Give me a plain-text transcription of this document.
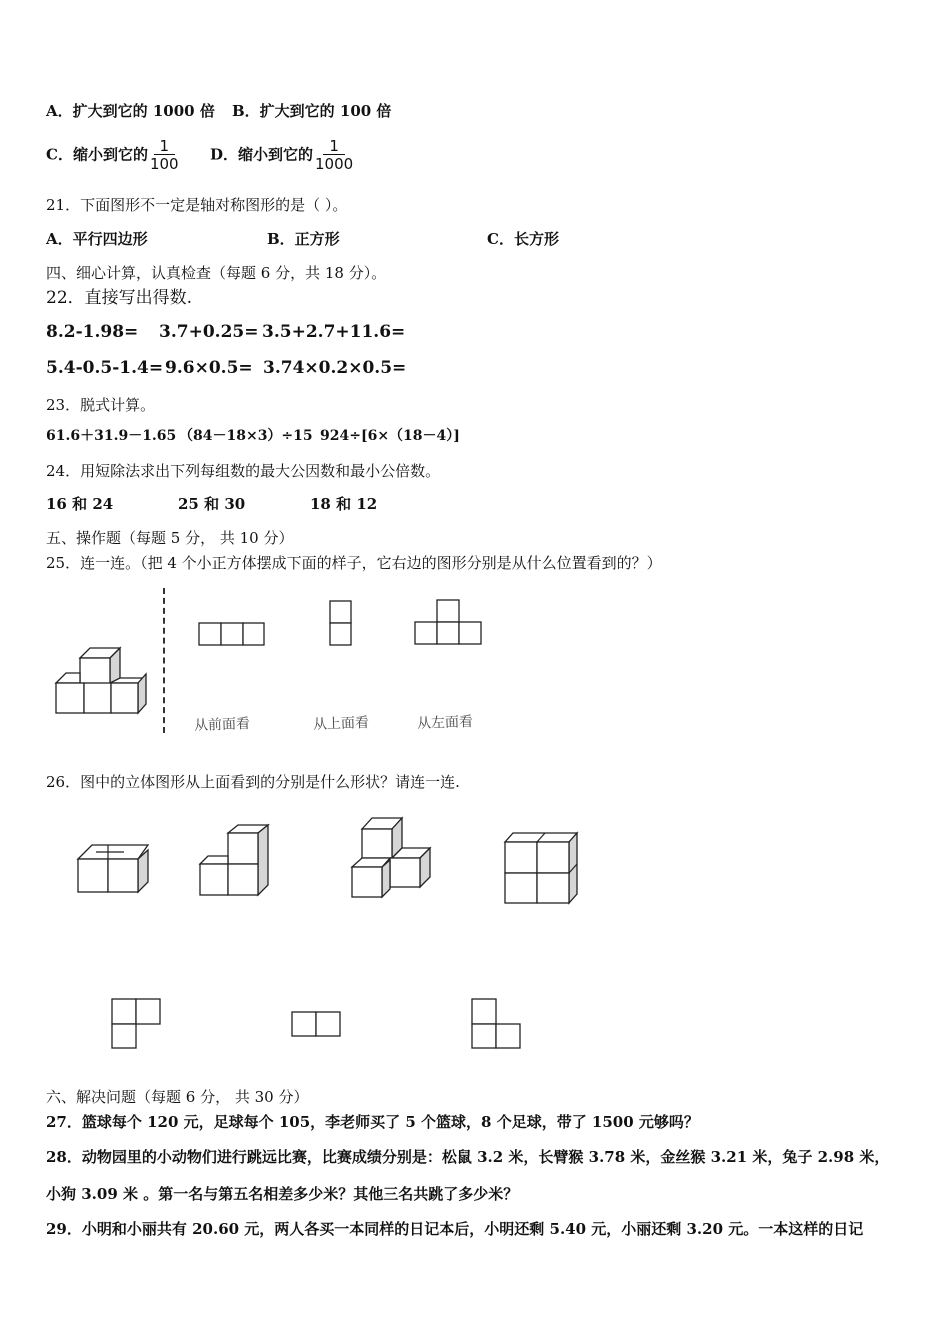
A．扩大到它的 1000 倍 B．扩大到它的 100 倍
C．缩小到它的 $\frac{1}{100}$ D．缩小到它的 $\frac{1}{1000}$
21．下面图形不一定是轴对称图形的是（ ）。
A．平行四边形	B．正方形	C．长方形
四、细心计算，认真检查（每题 6 分，共 18 分）。
22．直接写出得数.
8.2-1.98= 3.7+0.25= 3.5+2.7+11.6=
5.4-0.5-1.4= 9.6×0.5= 3.74×0.2×0.5=
23．脱式计算。
61.6＋31.9－1.65 （84－18×3）÷15 924÷[6×（18－4）]
24．用短除法求出下列每组数的最大公因数和最小公倍数。
16 和 24	25 和 30	18 和 12
五、操作题（每题 5 分， 共 10 分）
25．连一连。（把 4 个小正方体摆成下面的样子，它右边的图形分别是从什么位置看到的？）
从前面看	从上面看	从左面看
26．图中的立体图形从上面看到的分别是什么形状？请连一连.
六、解决问题（每题 6 分， 共 30 分）
27．篮球每个 120 元，足球每个 105，李老师买了 5 个篮球，8 个足球，带了 1500 元够吗？
28．动物园里的小动物们进行跳远比赛，比赛成绩分别是：松鼠 3.2 米，长臂猴 3.78 米，金丝猴 3.21 米，兔子 2.98 米，
小狗 3.09 米 。第一名与第五名相差多少米？其他三名共跳了多少米？
29．小明和小丽共有 20.60 元，两人各买一本同样的日记本后，小明还剩 5.40 元，小丽还剩 3.20 元。一本这样的日记
